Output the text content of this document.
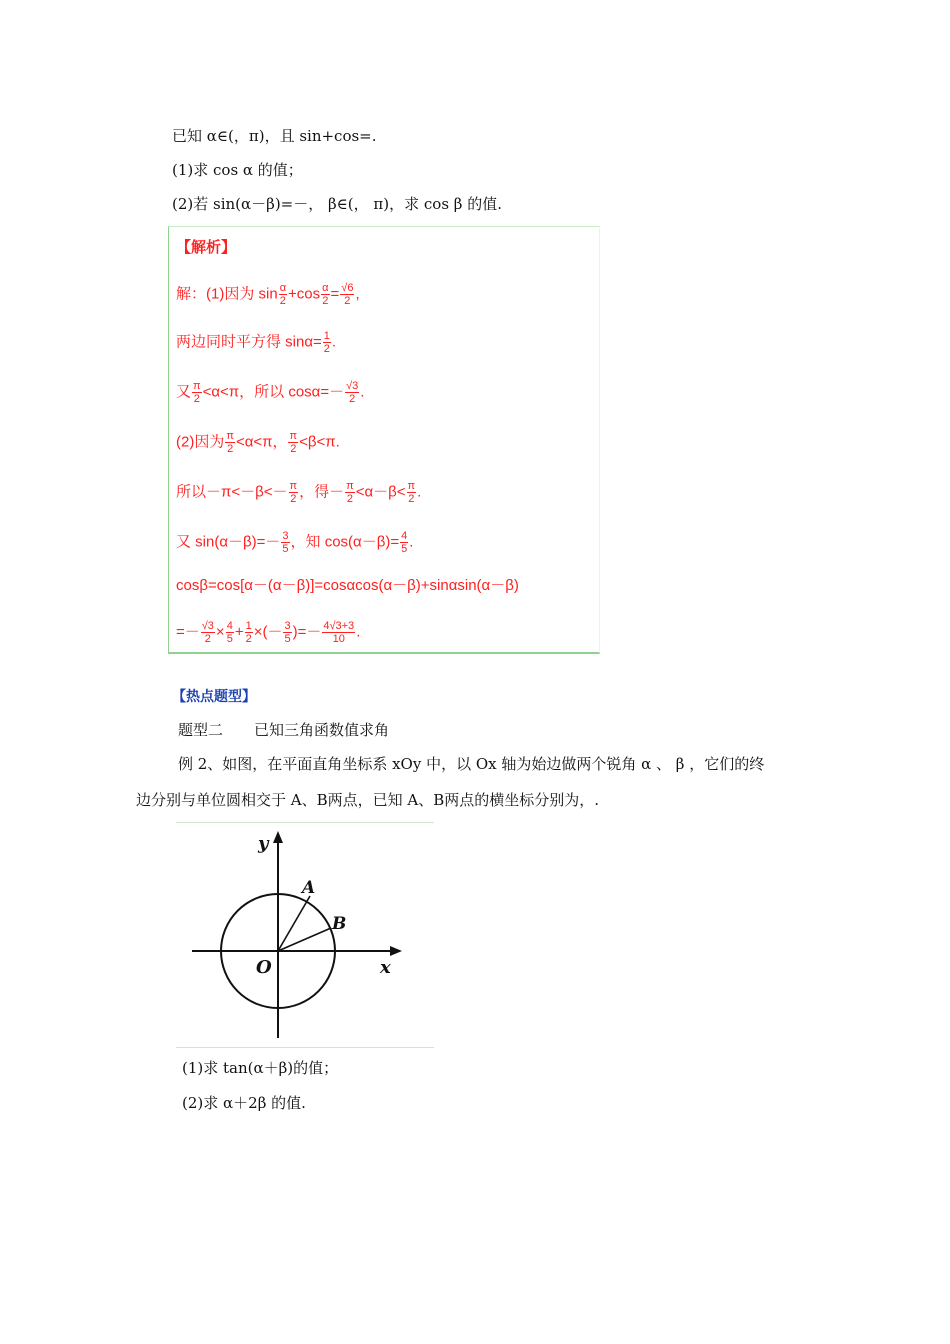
已知 α∈(，π)，且 sin+cos=.
(1)求 cos α 的值；
(2)若 sin(α－β)=－， β∈(， π)，求 cos β 的值.
【解析】
解：(1)因为 $\sin \frac{\alpha}{2} +\cos \frac{\alpha}{2} = \frac{√6}{2}$ ,
两边同时平方得 $\sin\alpha= \frac{1}{2}$ .
又 $\frac{\pi}{2} <\alpha<\pi$，所以 $\cos\alpha=- \frac{√3}{2}$ .
(2)因为 $\frac{\pi}{2} <\alpha<\pi$， $\frac{\pi}{2} <\beta<\pi$.
所以$-\pi<-\beta<- \frac{\pi}{2}$ ，得－ $\frac{\pi}{2} <\alpha-\beta< \frac{\pi}{2}$ .
又 $\sin(\alpha-\beta)=- \frac{3}{5}$ ，知 $\cos(\alpha-\beta)= \frac{4}{5}$ .
cosβ=cos[α－(α－β)]=cosαcos(α－β)+sinαsin(α－β)
=－ $\frac{√3}{2} \times \frac{4}{5} + \frac{1}{2}$ ×(－ $\frac{3}{5}$ )=－ $\frac{4√3+3}{10}$ .
【热点题型】
题型二 已知三角函数值求角
例 2、如图，在平面直角坐标系 xOy 中，以 Ox 轴为始边做两个锐角 α 、 β ，它们的终
边分别与单位圆相交于 A、B两点，已知 A、B两点的横坐标分别为，.
y
x
O
A
B
(1)求 tan(α＋β)的值；
(2)求 α＋2β 的值.
